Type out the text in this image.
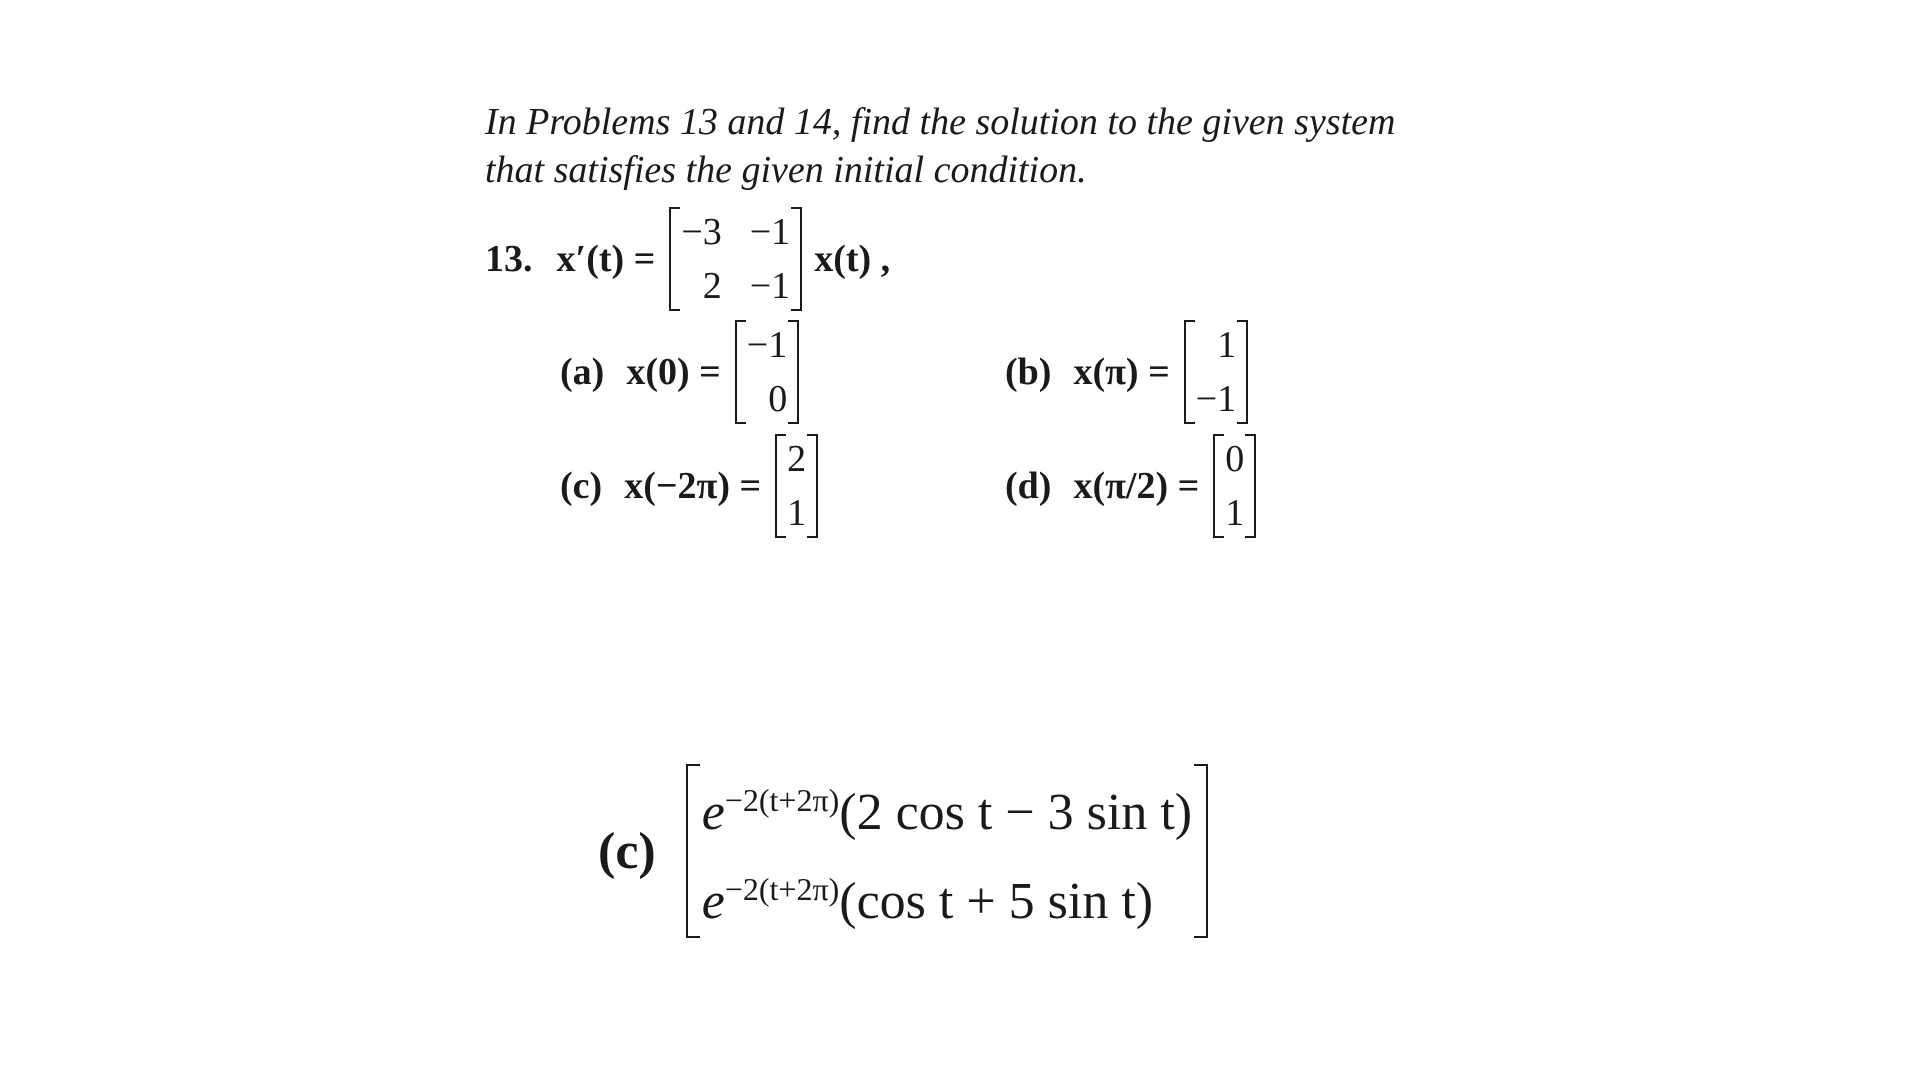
In Problems 13 and 14, find the solution to the given system
that satisfies the given initial condition.
13. x′(t) =
−3 −1
2 −1
x(t) ,
(a) x(0) =
−1
0
(b) x(π) =
1
−1
(c) x(−2π) =
2
1
(d) x(π/2) =
0
1
(c)
$e^{-2(t+2\pi)}(2$ cos t − 3 sin t)
$e^{-2(t+2\pi)}(\cos$ t + 5 sin t)
